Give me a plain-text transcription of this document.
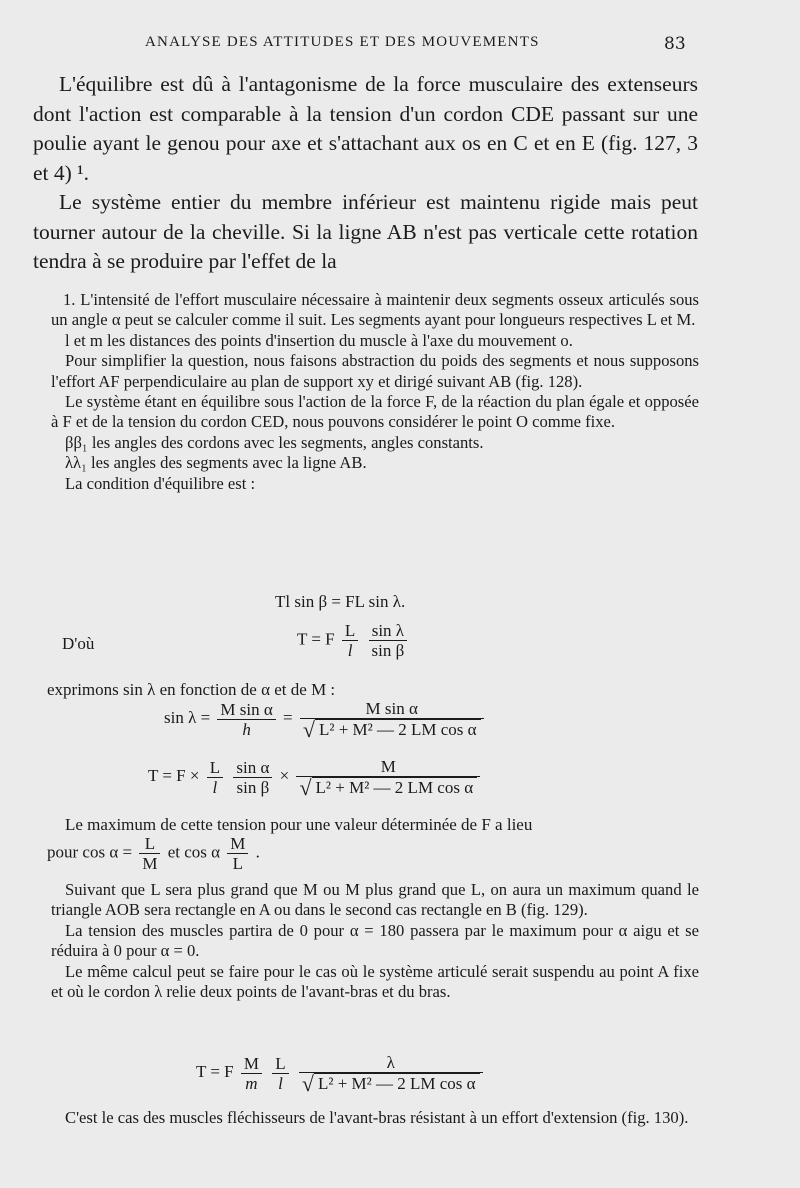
ANALYSE DES ATTITUDES ET DES MOUVEMENTS	83

L'équilibre est dû à l'antagonisme de la force musculaire des extenseurs dont l'action est comparable à la tension d'un cordon CDE passant sur une poulie ayant le genou pour axe et s'attachant aux os en C et en E (fig. 127, 3 et 4) ¹.

Le système entier du membre inférieur est maintenu rigide mais peut tourner autour de la cheville. Si la ligne AB n'est pas verticale cette rotation tendra à se produire par l'effet de la

1. L'intensité de l'effort musculaire nécessaire à maintenir deux segments osseux articulés sous un angle α peut se calculer comme il suit. Les segments ayant pour longueurs respectives L et M.

l et m les distances des points d'insertion du muscle à l'axe du mouvement o.

Pour simplifier la question, nous faisons abstraction du poids des segments et nous supposons l'effort AF perpendiculaire au plan de support xy et dirigé suivant AB (fig. 128).

Le système étant en équilibre sous l'action de la force F, de la réaction du plan égale et opposée à F et de la tension du cordon CED, nous pouvons considérer le point O comme fixe.

ββ₁ les angles des cordons avec les segments, angles constants.

λλ₁ les angles des segments avec la ligne AB.

La condition d'équilibre est :

Tl sin β = FL sin λ.
D'où	T = F $\frac{L}{l}$
$\frac{\text{sin λ}}{\text{sin β}}$
exprimons sin λ en fonction de α et de M :
$\sin \lambda = \frac{\text{M sin α}}{h} = \frac{\text{M sin α}}{\text{√ L² + M² — 2 LM cos α}}$
$T = F \times \frac{L}{l}$
$\frac{\text{sin α}}{\text{sin β}} \times \frac{M}{\text{√ L² + M² — 2 LM cos α}}$
Le maximum de cette tension pour une valeur déterminée de F a lieu
pour $\cos \alpha = \frac{L}{M}$ et cos α $\frac{M}{L}$ .

Suivant que L sera plus grand que M ou M plus grand que L, on aura un maximum quand le triangle AOB sera rectangle en A ou dans le second cas rectangle en B (fig. 129).

La tension des muscles partira de 0 pour α = 180 passera par le maximum pour α aigu et se réduira à 0 pour α = 0.

Le même calcul peut se faire pour le cas où le système articulé serait suspendu au point A fixe et où le cordon λ relie deux points de l'avant-bras et du bras.

T = F $\frac{M}{m}$
$\frac{L}{l}$
$\frac{\lambda}{\text{√ L² + M² — 2 LM cos α}}$

C'est le cas des muscles fléchisseurs de l'avant-bras résistant à un effort d'extension (fig. 130).
